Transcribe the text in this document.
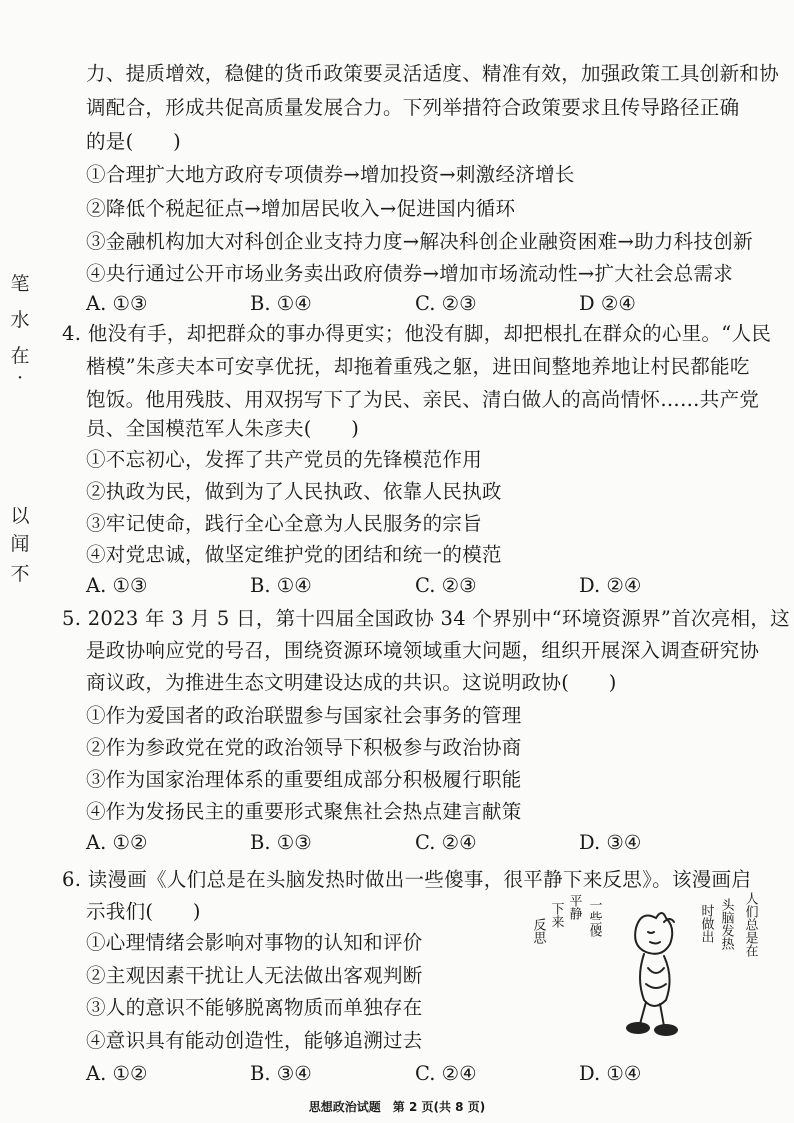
笔
水
在
·
以
闻
不
力、提质增效，稳健的货币政策要灵活适度、精准有效，加强政策工具创新和协
调配合，形成共促高质量发展合力。下列举措符合政策要求且传导路径正确
的是(　　)
①合理扩大地方政府专项债券→增加投资→刺激经济增长
②降低个税起征点→增加居民收入→促进国内循环
③金融机构加大对科创企业支持力度→解决科创企业融资困难→助力科技创新
④央行通过公开市场业务卖出政府债券→增加市场流动性→扩大社会总需求
A. ①③	B. ①④	C. ②③	D ②④
4. 他没有手，却把群众的事办得更实；他没有脚，却把根扎在群众的心里。“人民
楷模”朱彦夫本可安享优抚，却拖着重残之躯，进田间整地养地让村民都能吃
饱饭。他用残肢、用双拐写下了为民、亲民、清白做人的高尚情怀……共产党
员、全国模范军人朱彦夫(　　)
①不忘初心，发挥了共产党员的先锋模范作用
②执政为民，做到为了人民执政、依靠人民执政
③牢记使命，践行全心全意为人民服务的宗旨
④对党忠诚，做坚定维护党的团结和统一的模范
A. ①③	B. ①④	C. ②③	D. ②④
5. 2023 年 3 月 5 日，第十四届全国政协 34 个界别中“环境资源界”首次亮相，这
是政协响应党的号召，围绕资源环境领域重大问题，组织开展深入调查研究协
商议政，为推进生态文明建设达成的共识。这说明政协(　　)
①作为爱国者的政治联盟参与国家社会事务的管理
②作为参政党在党的政治领导下积极参与政治协商
③作为国家治理体系的重要组成部分积极履行职能
④作为发扬民主的重要形式聚焦社会热点建言献策
A. ①②	B. ①③	C. ②④	D. ③④
6. 读漫画《人们总是在头脑发热时做出一些傻事，很平静下来反思》。该漫画启
示我们(　　)
①心理情绪会影响对事物的认知和评价
②主观因素干扰让人无法做出客观判断
③人的意识不能够脱离物质而单独存在
④意识具有能动创造性，能够追溯过去
A. ①②	B. ③④	C. ②④	D. ①④
反思
下来 平静 一些傻	时做出 头脑发热 人们总是在
思想政治试题　第 2 页(共 8 页)
